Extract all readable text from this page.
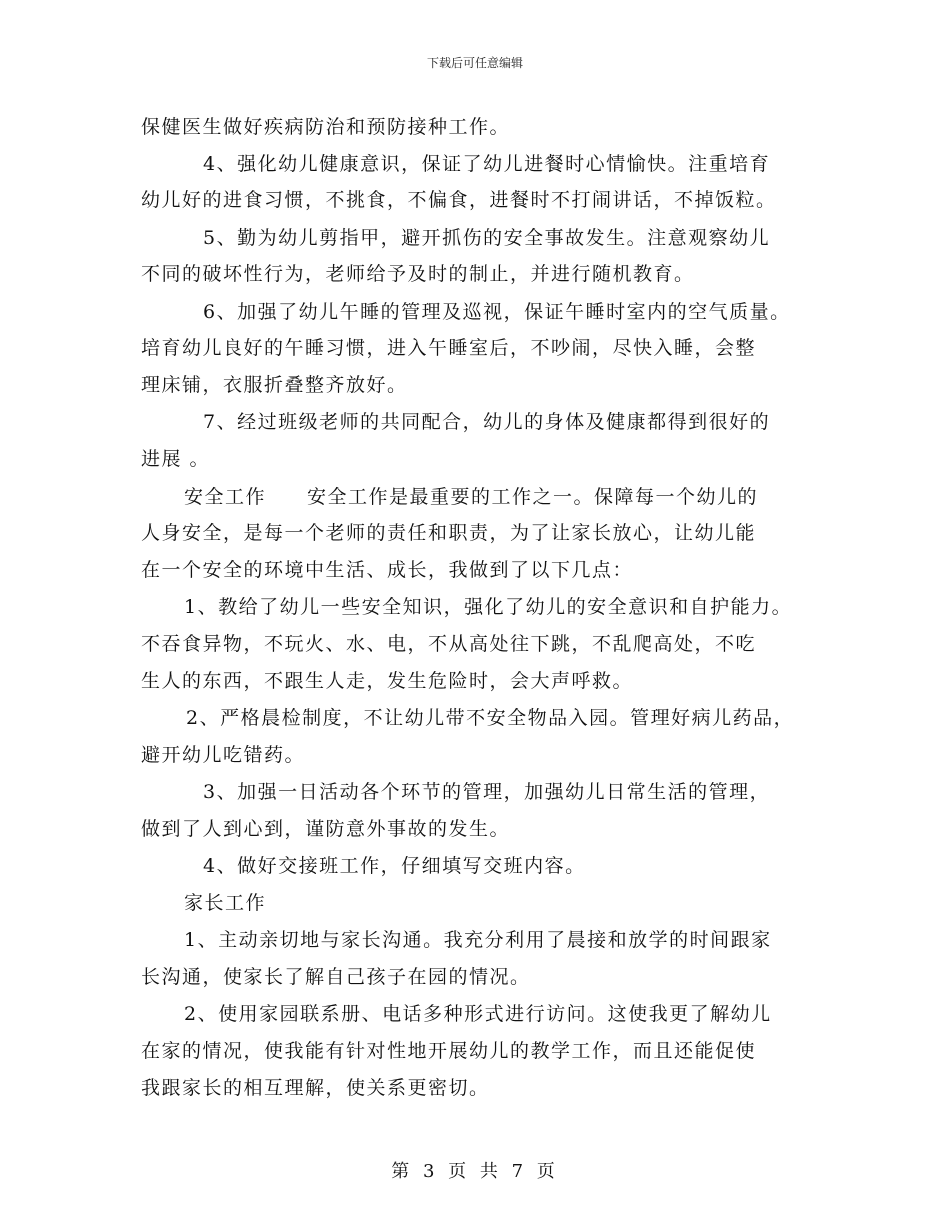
下载后可任意编辑
保健医生做好疾病防治和预防接种工作。
4、强化幼儿健康意识，保证了幼儿进餐时心情愉快。注重培育
幼儿好的进食习惯，不挑食，不偏食，进餐时不打闹讲话，不掉饭粒。
5、勤为幼儿剪指甲，避开抓伤的安全事故发生。注意观察幼儿
不同的破坏性行为，老师给予及时的制止，并进行随机教育。
6、加强了幼儿午睡的管理及巡视，保证午睡时室内的空气质量。
培育幼儿良好的午睡习惯，进入午睡室后，不吵闹，尽快入睡，会整
理床铺，衣服折叠整齐放好。
7、经过班级老师的共同配合，幼儿的身体及健康都得到很好的
进展 。
安全工作　　安全工作是最重要的工作之一。保障每一个幼儿的
人身安全，是每一个老师的责任和职责，为了让家长放心，让幼儿能
在一个安全的环境中生活、成长，我做到了以下几点：
1、教给了幼儿一些安全知识，强化了幼儿的安全意识和自护能力。
不吞食异物，不玩火、水、电，不从高处往下跳，不乱爬高处，不吃
生人的东西，不跟生人走，发生危险时，会大声呼救。
2、严格晨检制度，不让幼儿带不安全物品入园。管理好病儿药品，
避开幼儿吃错药。
3、加强一日活动各个环节的管理，加强幼儿日常生活的管理，
做到了人到心到，谨防意外事故的发生。
4、做好交接班工作，仔细填写交班内容。
家长工作
1、主动亲切地与家长沟通。我充分利用了晨接和放学的时间跟家
长沟通，使家长了解自己孩子在园的情况。
2、使用家园联系册、电话多种形式进行访问。这使我更了解幼儿
在家的情况，使我能有针对性地开展幼儿的教学工作，而且还能促使
我跟家长的相互理解，使关系更密切。
第 3 页 共 7 页
